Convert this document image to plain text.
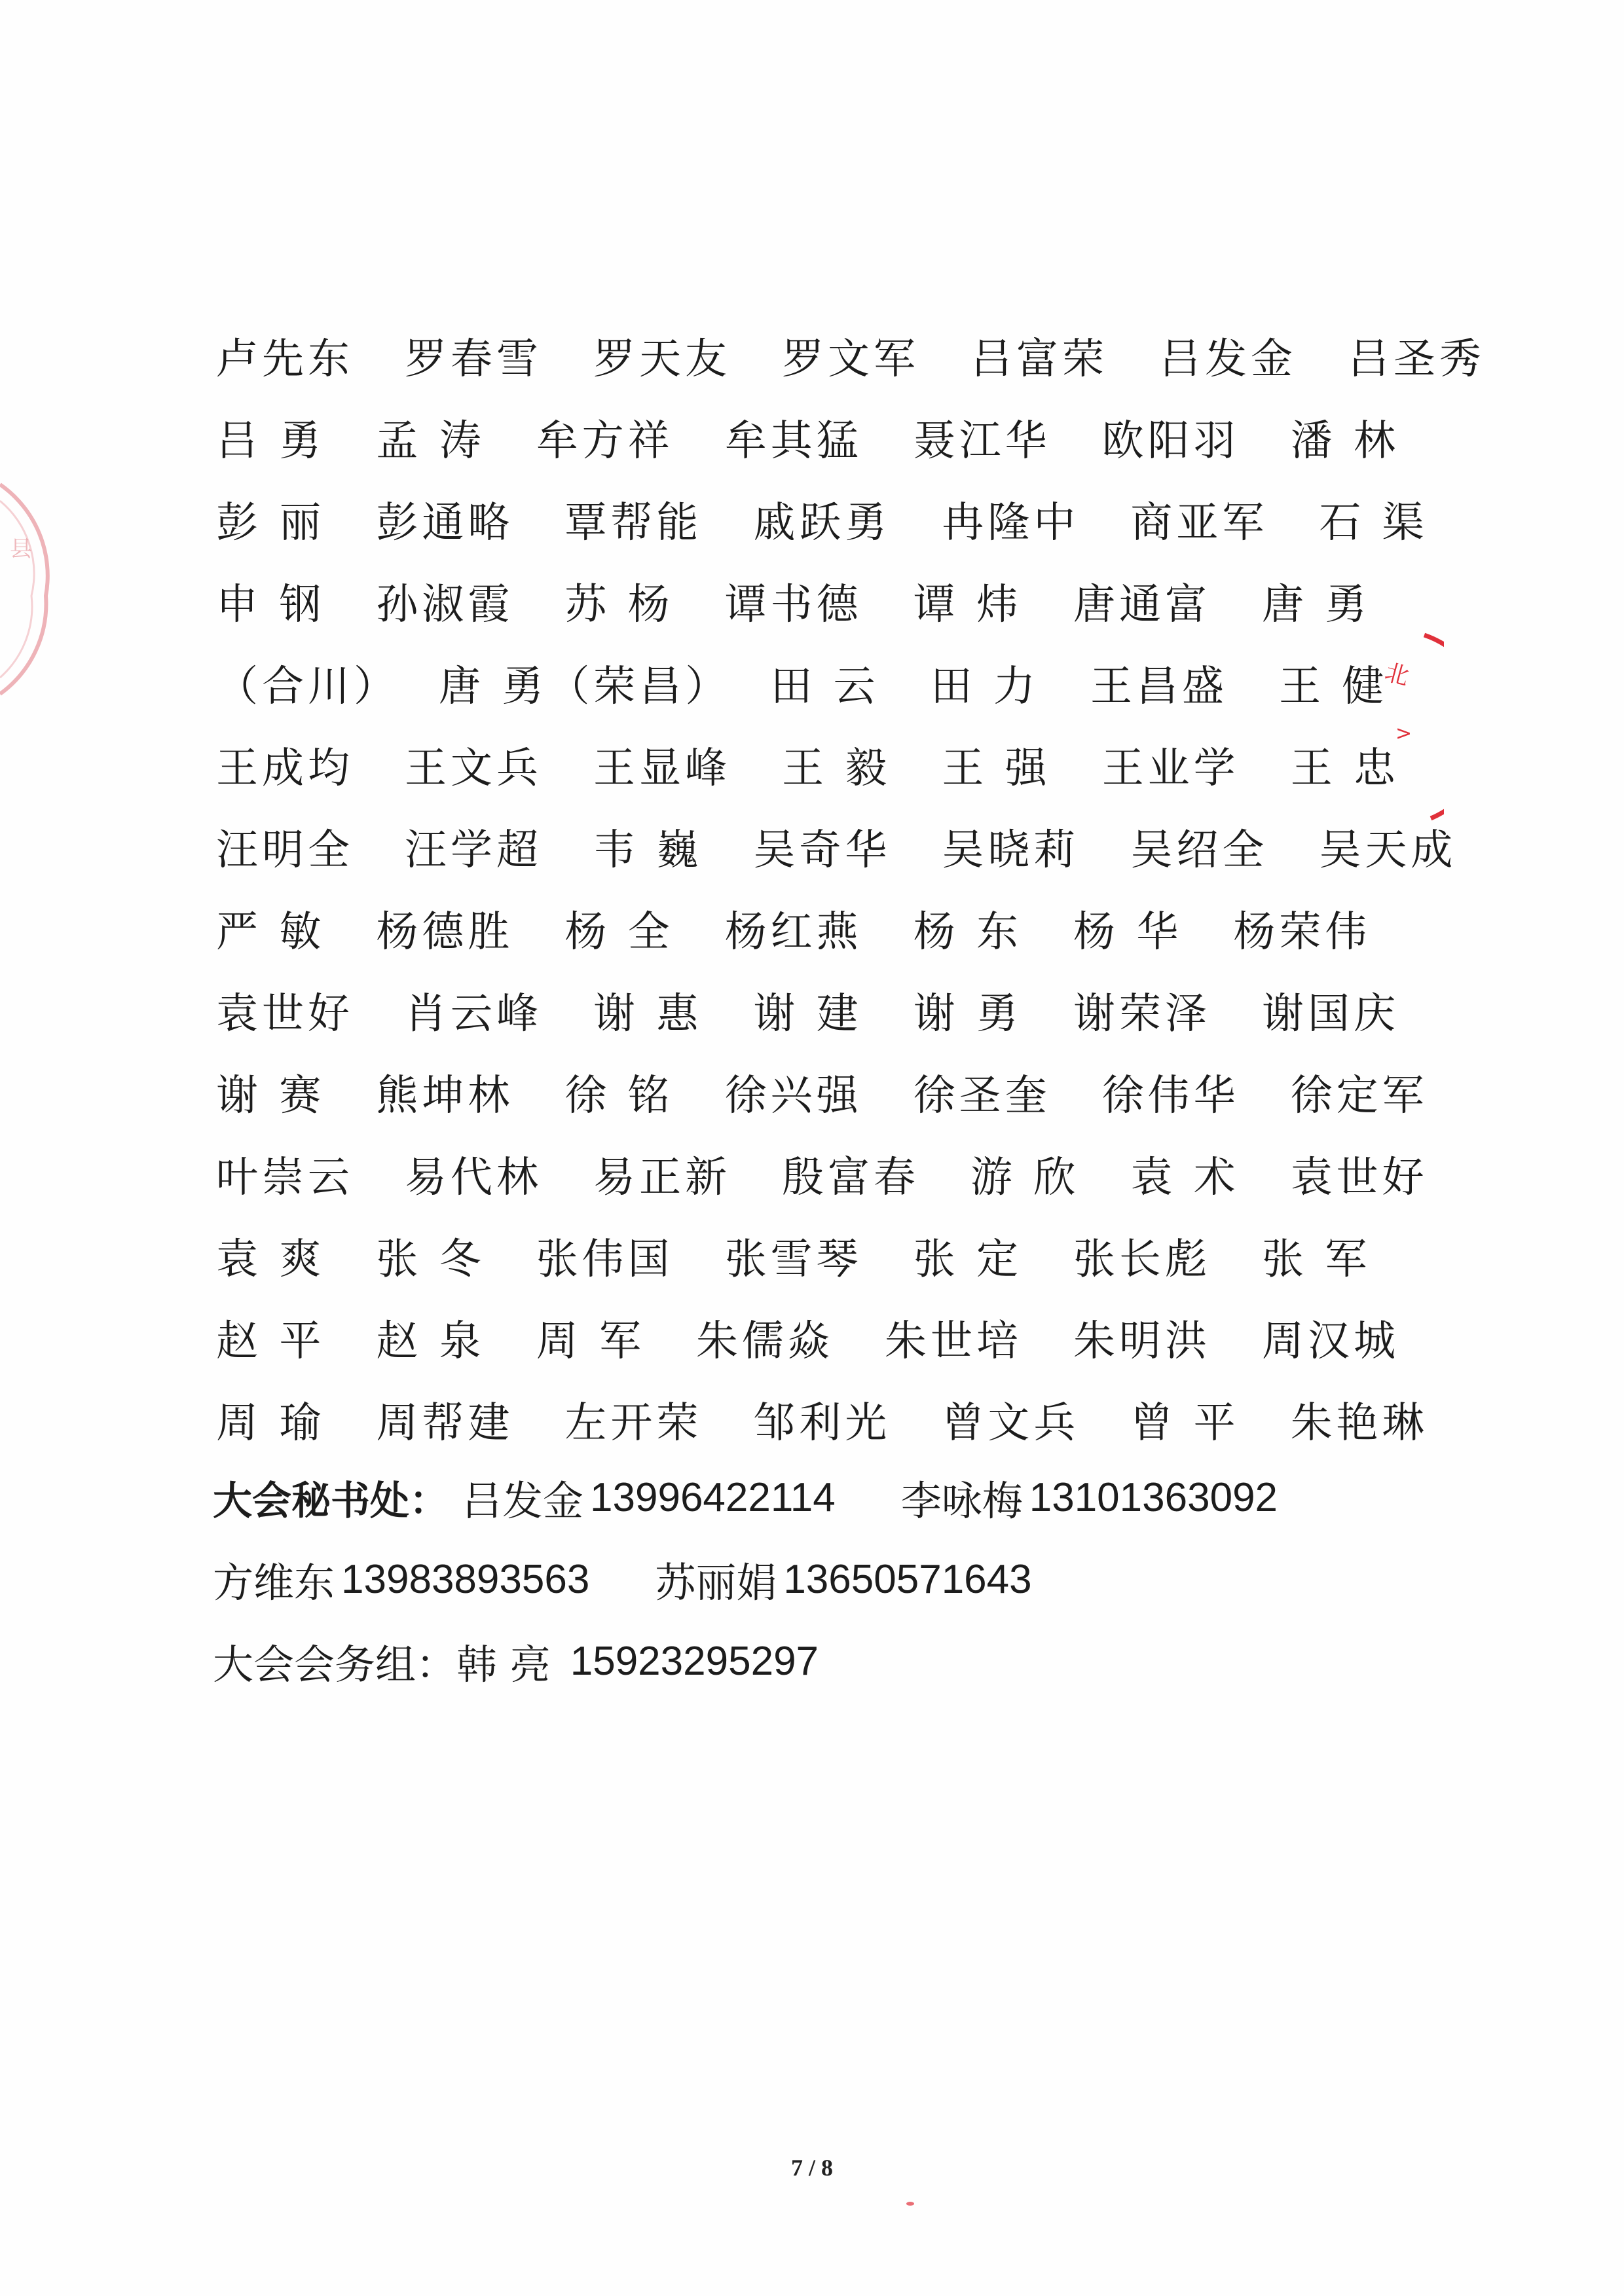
县
北
>
卢先东 罗春雪 罗天友 罗文军 吕富荣 吕发金 吕圣秀
吕 勇 孟 涛 牟方祥 牟其猛 聂江华 欧阳羽 潘 林
彭 丽 彭通略 覃帮能 戚跃勇 冉隆中 商亚军 石 渠
申 钢 孙淑霞 苏 杨 谭书德 谭 炜 唐通富 唐 勇
（合川） 唐 勇（荣昌） 田 云 田 力 王昌盛 王 健
王成均 王文兵 王显峰 王 毅 王 强 王业学 王 忠
汪明全 汪学超 韦 巍 吴奇华 吴晓莉 吴绍全 吴天成
严 敏 杨德胜 杨 全 杨红燕 杨 东 杨 华 杨荣伟
袁世好 肖云峰 谢 惠 谢 建 谢 勇 谢荣泽 谢国庆
谢 赛 熊坤林 徐 铭 徐兴强 徐圣奎 徐伟华 徐定军
叶崇云 易代林 易正新 殷富春 游 欣 袁 术 袁世好
袁 爽 张 冬 张伟国 张雪琴 张 定 张长彪 张 军
赵 平 赵 泉 周 军 朱儒焱 朱世培 朱明洪 周汉城
周 瑜 周帮建 左开荣 邹利光 曾文兵 曾 平 朱艳琳
大会秘书处： 吕发金 13996422114 李咏梅 13101363092
方维东 13983893563 苏丽娟 13650571643
大会会务组： 韩 亮 15923295297
7 / 8
